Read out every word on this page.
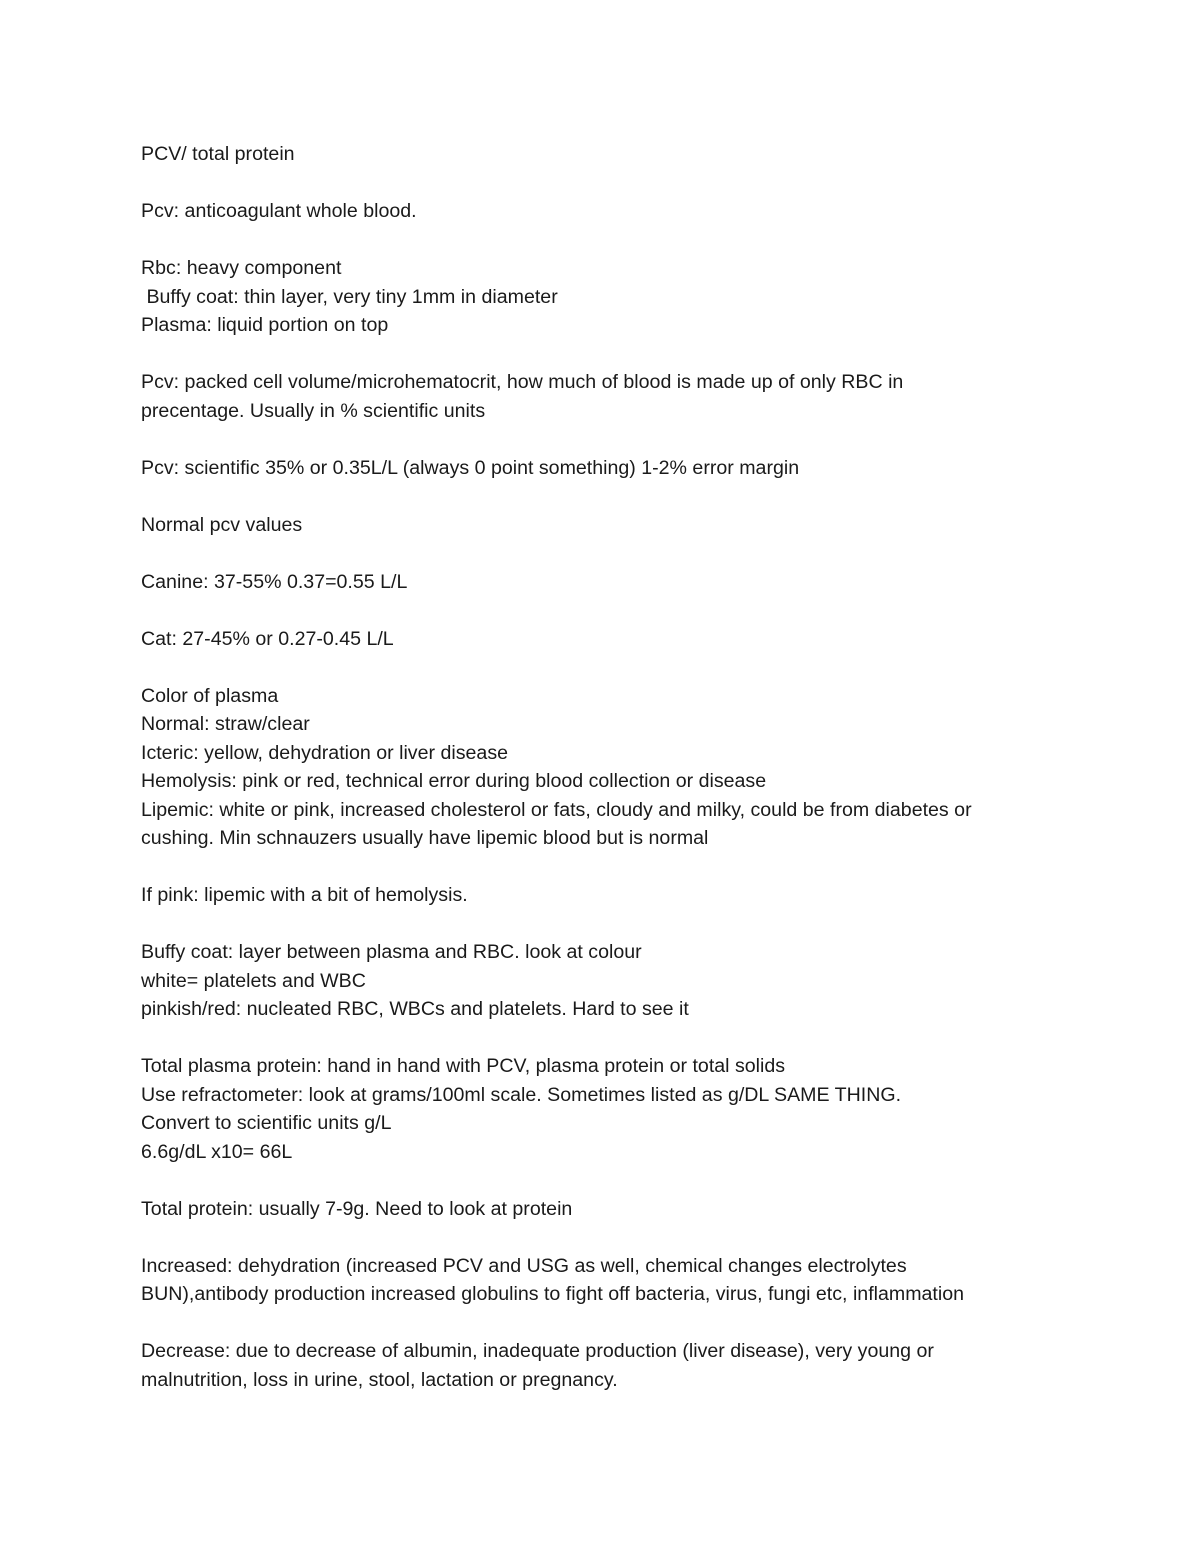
PCV/ total protein
Pcv: anticoagulant whole blood.
Rbc: heavy component
Buffy coat: thin layer, very tiny 1mm in diameter
Plasma: liquid portion on top
Pcv: packed cell volume/microhematocrit, how much of blood is made up of only RBC in
precentage. Usually in % scientific units
Pcv: scientific 35% or 0.35L/L (always 0 point something) 1-2% error margin
Normal pcv values
Canine: 37-55% 0.37=0.55 L/L
Cat: 27-45% or 0.27-0.45 L/L
Color of plasma
Normal: straw/clear
Icteric: yellow, dehydration or liver disease
Hemolysis: pink or red, technical error during blood collection or disease
Lipemic: white or pink, increased cholesterol or fats, cloudy and milky, could be from diabetes or
cushing. Min schnauzers usually have lipemic blood but is normal
If pink: lipemic with a bit of hemolysis.
Buffy coat: layer between plasma and RBC. look at colour
white= platelets and WBC
pinkish/red: nucleated RBC, WBCs and platelets. Hard to see it
Total plasma protein: hand in hand with PCV, plasma protein or total solids
Use refractometer: look at grams/100ml scale. Sometimes listed as g/DL SAME THING.
Convert to scientific units g/L
6.6g/dL x10= 66L
Total protein: usually 7-9g. Need to look at protein
Increased: dehydration (increased PCV and USG as well, chemical changes electrolytes
BUN),antibody production increased globulins to fight off bacteria, virus, fungi etc, inflammation
Decrease: due to decrease of albumin, inadequate production (liver disease), very young or
malnutrition, loss in urine, stool, lactation or pregnancy.
